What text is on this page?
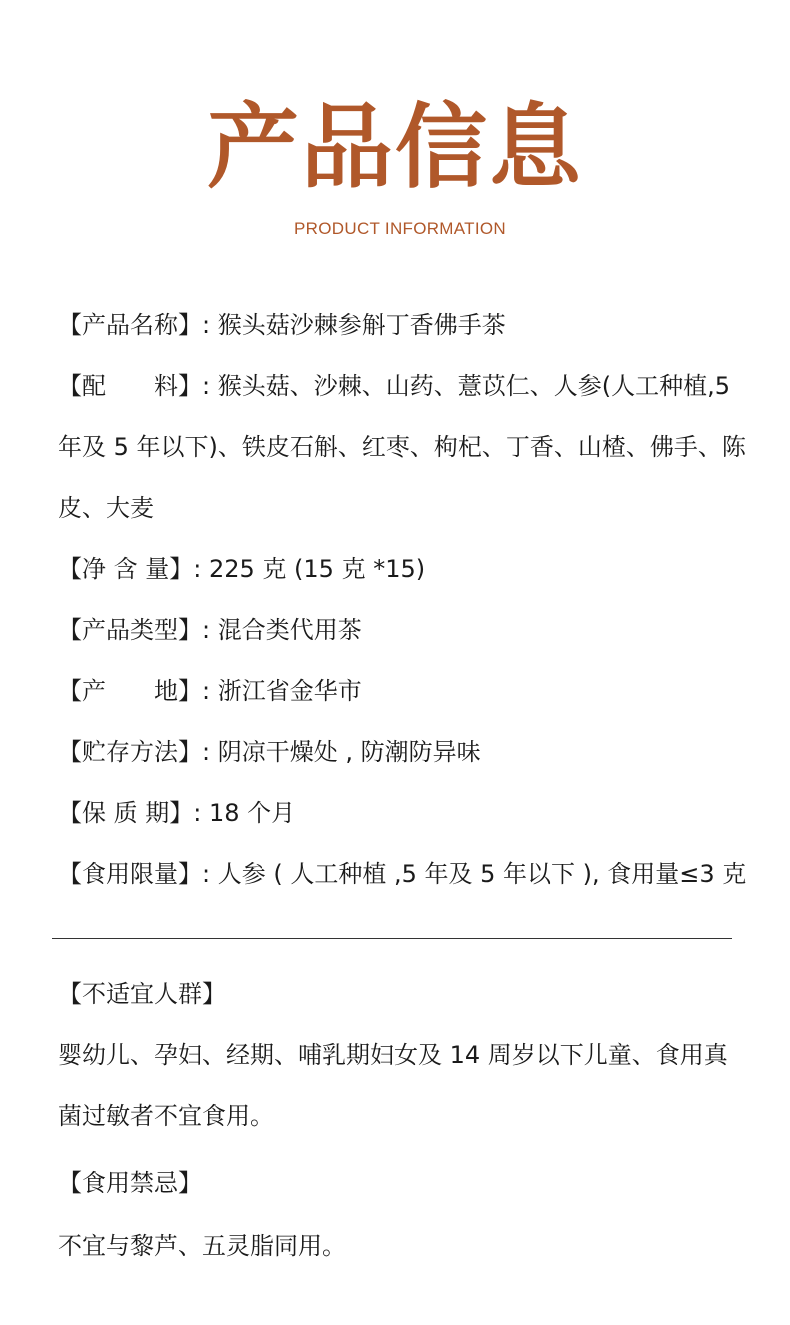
产品信息
PRODUCT INFORMATION
【产品名称】: 猴头菇沙棘参斛丁香佛手茶
【配　　料】: 猴头菇、沙棘、山药、薏苡仁、人参(人工种植,5
年及 5 年以下)、铁皮石斛、红枣、枸杞、丁香、山楂、佛手、陈
皮、大麦
【净 含 量】: 225 克 (15 克 *15)
【产品类型】: 混合类代用茶
【产　　地】: 浙江省金华市
【贮存方法】: 阴凉干燥处 , 防潮防异味
【保 质 期】: 18 个月
【食用限量】: 人参 ( 人工种植 ,5 年及 5 年以下 ), 食用量≤3 克
【不适宜人群】
婴幼儿、孕妇、经期、哺乳期妇女及 14 周岁以下儿童、食用真
菌过敏者不宜食用。
【食用禁忌】
不宜与黎芦、五灵脂同用。
